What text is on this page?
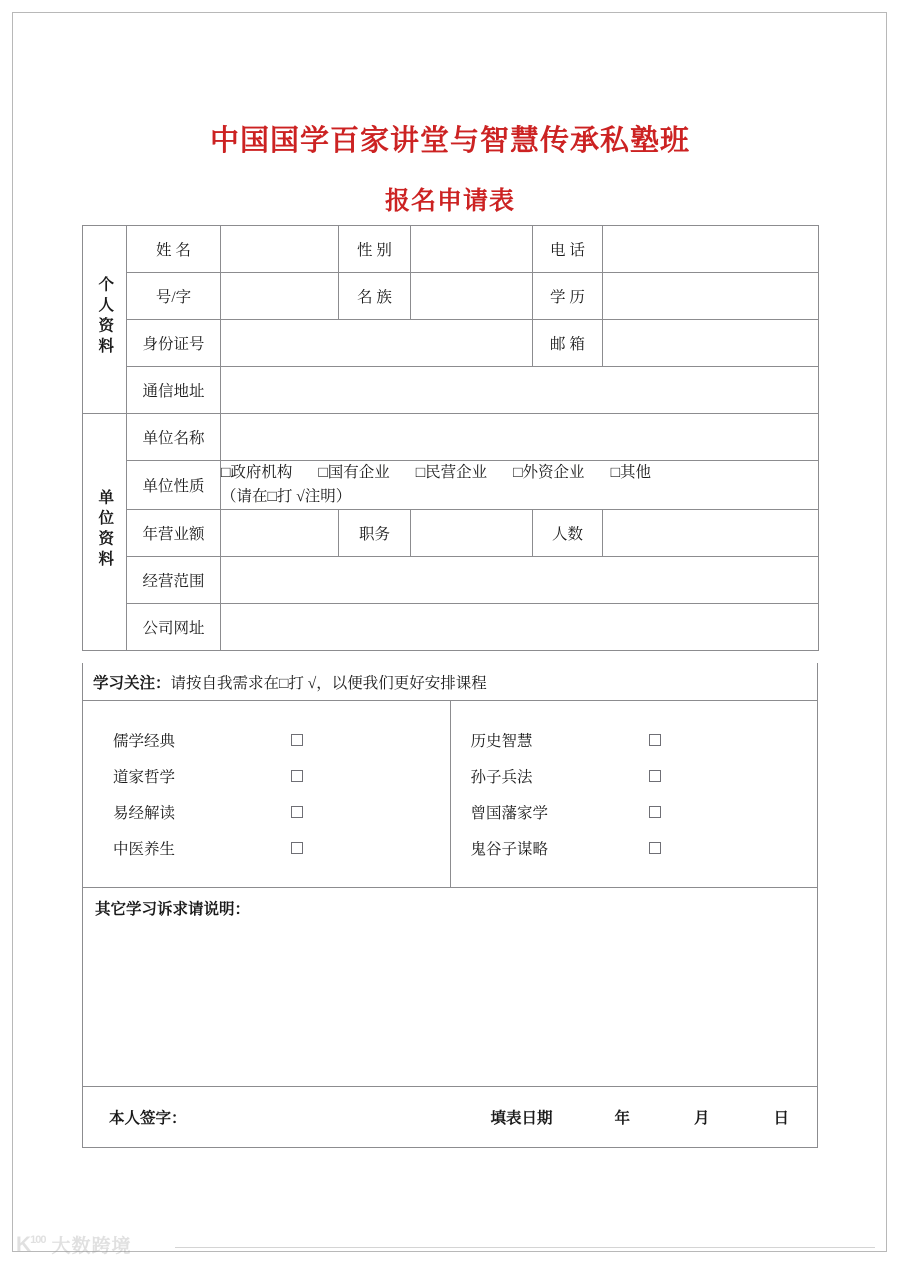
中国国学百家讲堂与智慧传承私塾班
报名申请表
个人资料	姓 名		性 别		电 话	
	号/字		名 族		学 历	
	身份证号				邮 箱	
	通信地址					
单位资料	单位名称					
	单位性质	□政府机构 □国有企业 □民营企业 □外资企业 □其他
（请在□打 √注明）				

	年营业额		职务		人数	
	经营范围					
	公司网址					
学习关注： 请按自我需求在□打 √，以便我们更好安排课程
儒学经典
道家哲学
易经解读
中医养生
历史智慧
孙子兵法
曾国藩家学
鬼谷子谋略
其它学习诉求请说明：
本人签字：	填表日期	年	月	日
$K^{100}$ 大数跨境
